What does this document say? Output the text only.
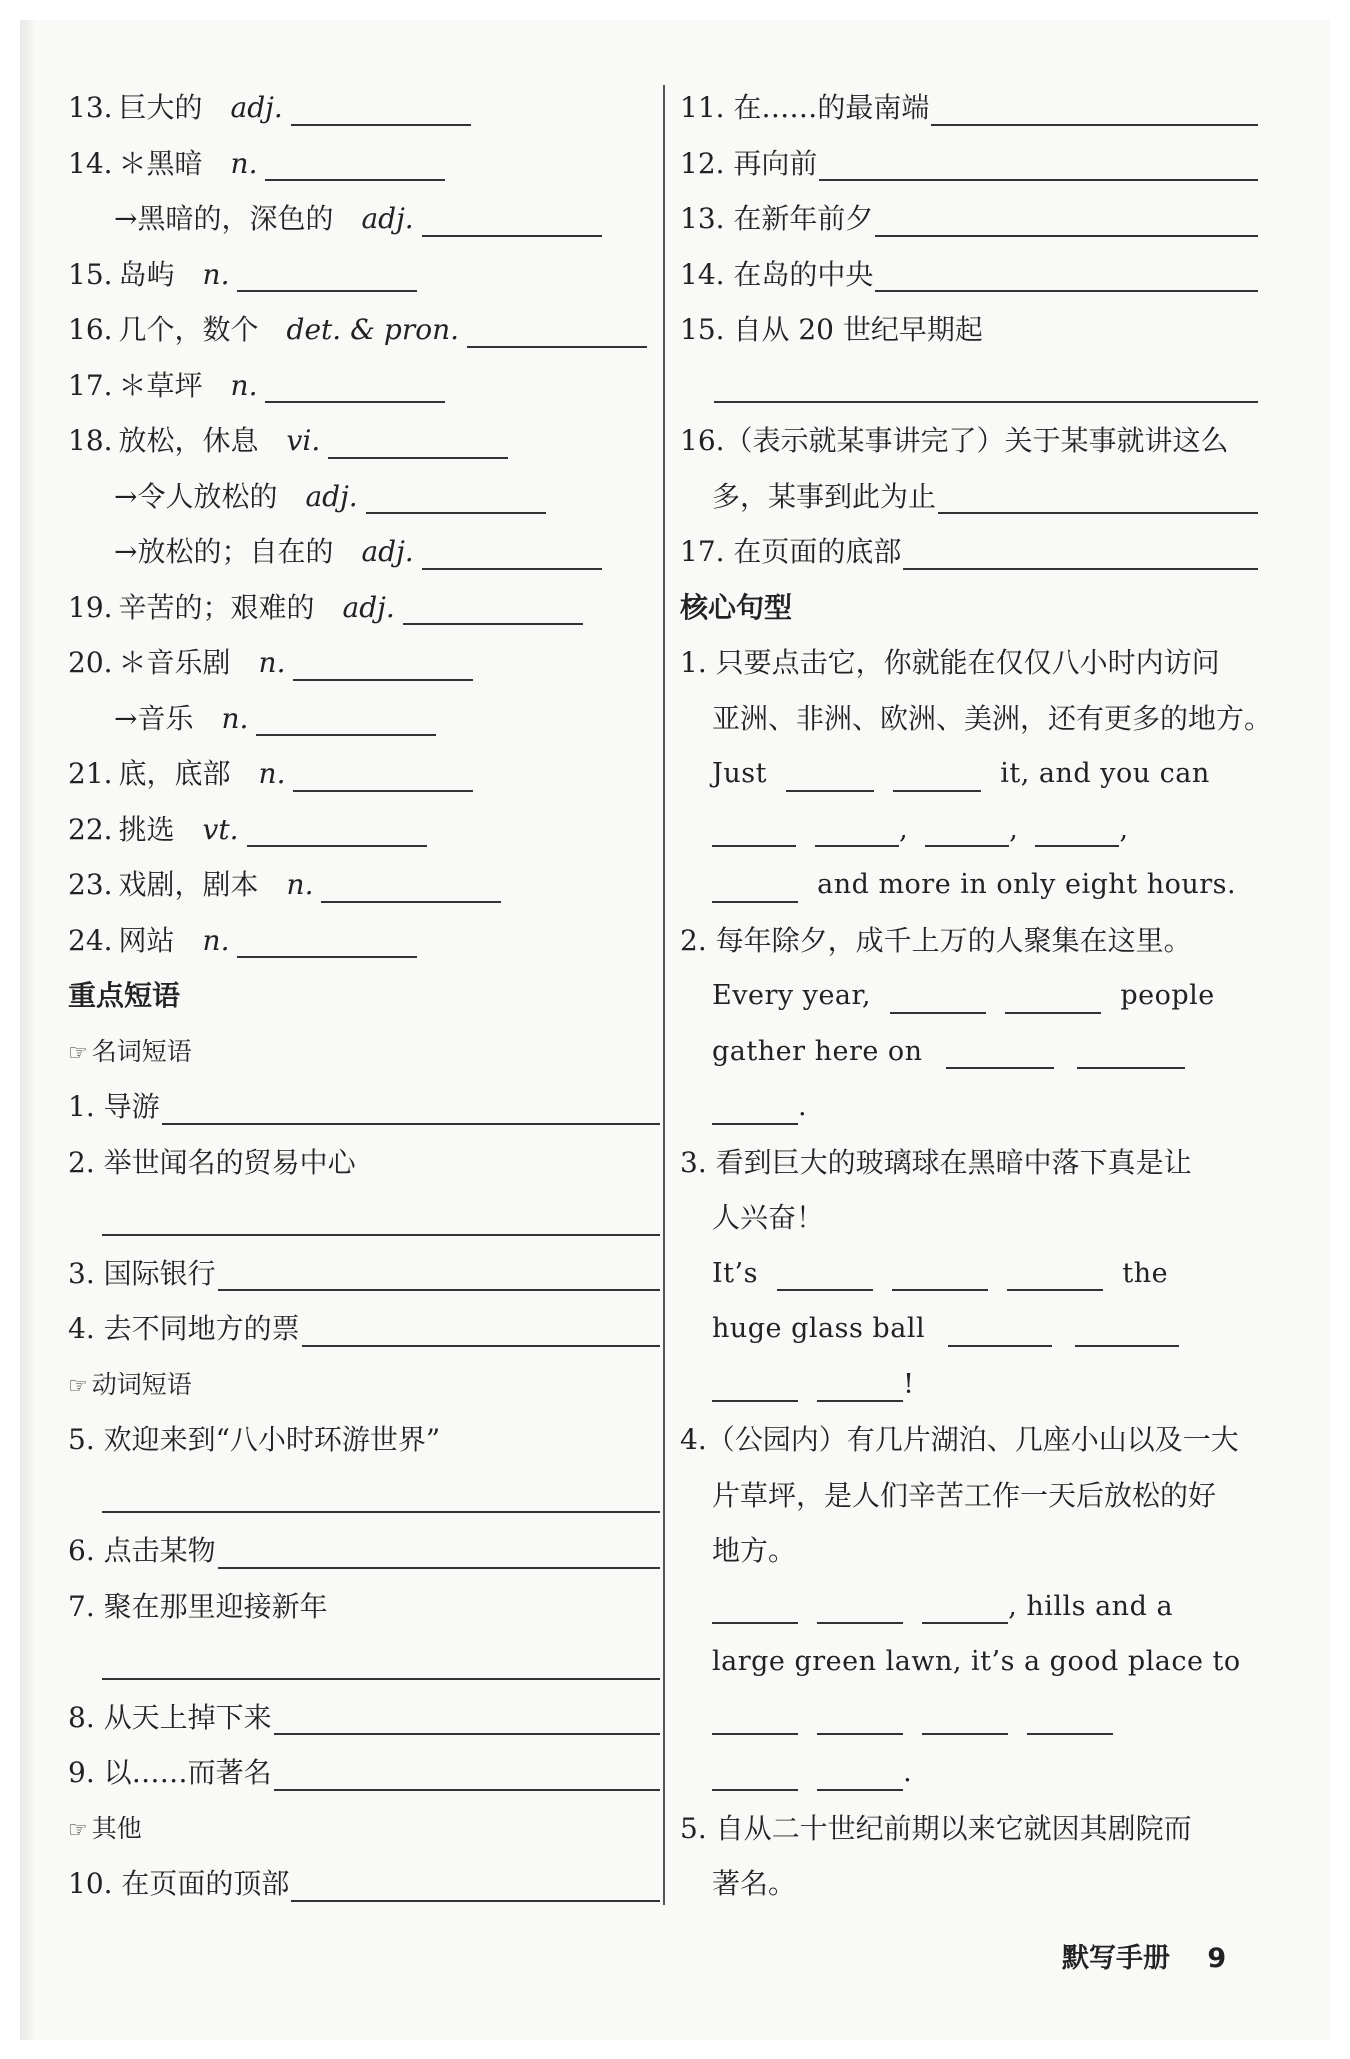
13. 巨大的 adj.
14. ＊黑暗 n.
→黑暗的，深色的 adj.
15. 岛屿 n.
16. 几个，数个 det. & pron.
17. ＊草坪 n.
18. 放松，休息 vi.
→令人放松的 adj.
→放松的；自在的 adj.
19. 辛苦的；艰难的 adj.
20. ＊音乐剧 n.
→音乐 n.
21. 底，底部 n.
22. 挑选 vt.
23. 戏剧，剧本 n.
24. 网站 n.
重点短语
☞ 名词短语
1. 导游
2. 举世闻名的贸易中心
3. 国际银行
4. 去不同地方的票
☞ 动词短语
5. 欢迎来到“八小时环游世界”
6. 点击某物
7. 聚在那里迎接新年
8. 从天上掉下来
9. 以……而著名
☞ 其他
10. 在页面的顶部
11. 在……的最南端
12. 再向前
13. 在新年前夕
14. 在岛的中央
15. 自从 20 世纪早期起
16.（表示就某事讲完了）关于某事就讲这么
多，某事到此为止
17. 在页面的底部
核心句型
1. 只要点击它，你就能在仅仅八小时内访问
亚洲、非洲、欧洲、美洲，还有更多的地方。
Just	it, and you can
,	,	,
and more in only eight hours.
2. 每年除夕，成千上万的人聚集在这里。
Every year,	people
gather here on
.
3. 看到巨大的玻璃球在黑暗中落下真是让
人兴奋！
It’s	the
huge glass ball
!
4.（公园内）有几片湖泊、几座小山以及一大
片草坪，是人们辛苦工作一天后放松的好
地方。
, hills and a
large green lawn, it’s a good place to

.
5. 自从二十世纪前期以来它就因其剧院而
著名。
默写手册 9
